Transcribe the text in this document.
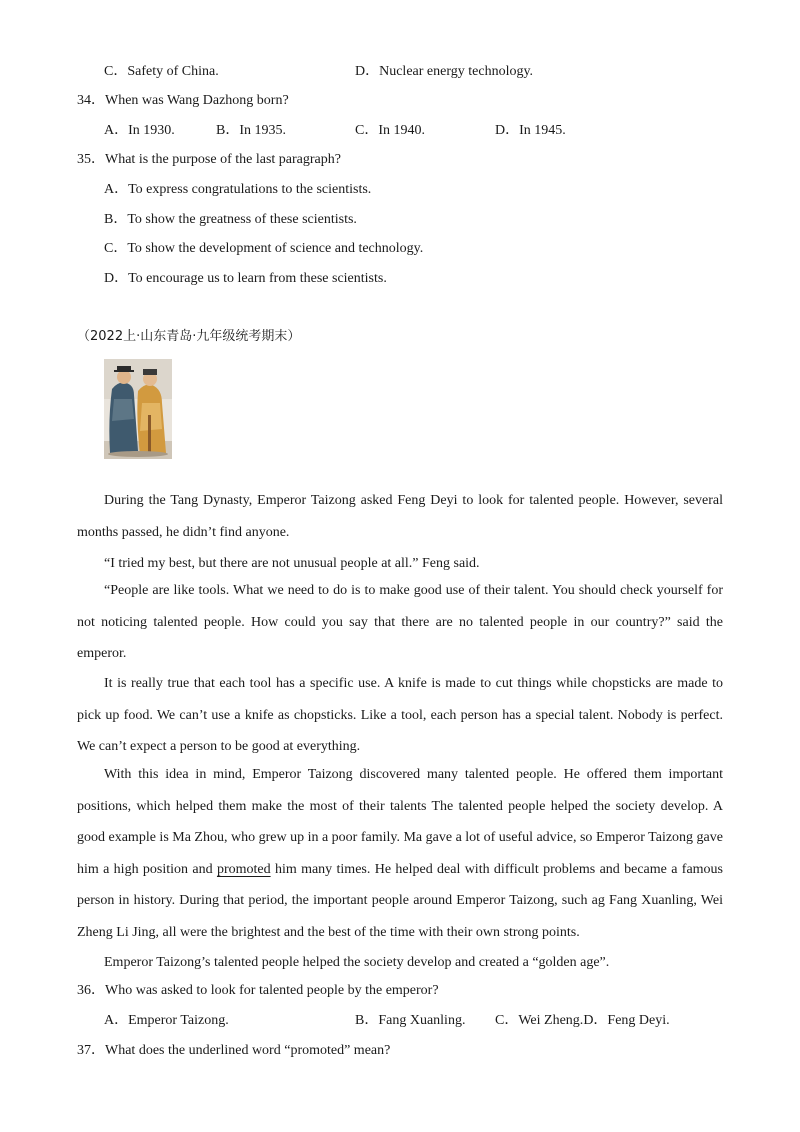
C．Safety of China.	D．Nuclear energy technology.
34．When was Wang Dazhong born?
A．In 1930.	B．In 1935.	C．In 1940.	D．In 1945.
35．What is the purpose of the last paragraph?
A．To express congratulations to the scientists.
B．To show the greatness of these scientists.
C．To show the development of science and technology.
D．To encourage us to learn from these scientists.
（2022上·山东青岛·九年级统考期末）
During the Tang Dynasty, Emperor Taizong asked Feng Deyi to look for talented people. However, several months passed, he didn’t find anyone.
“I tried my best, but there are not unusual people at all.” Feng said.
“People are like tools. What we need to do is to make good use of their talent. You should check yourself for not noticing talented people. How could you say that there are no talented people in our country?” said the emperor.
It is really true that each tool has a specific use. A knife is made to cut things while chopsticks are made to pick up food. We can’t use a knife as chopsticks. Like a tool, each person has a special talent. Nobody is perfect. We can’t expect a person to be good at everything.
With this idea in mind, Emperor Taizong discovered many talented people. He offered them important positions, which helped them make the most of their talents The talented people helped the society develop. A good example is Ma Zhou, who grew up in a poor family. Ma gave a lot of useful advice, so Emperor Taizong gave him a high position and promoted him many times. He helped deal with difficult problems and became a famous person in history. During that period, the important people around Emperor Taizong, such ag Fang Xuanling, Wei Zheng Li Jing, all were the brightest and the best of the time with their own strong points.
Emperor Taizong’s talented people helped the society develop and created a “golden age”.
36．Who was asked to look for talented people by the emperor?
A．Emperor Taizong.	B．Fang Xuanling. C．Wei Zheng.D．Feng Deyi.
37．What does the underlined word “promoted” mean?
